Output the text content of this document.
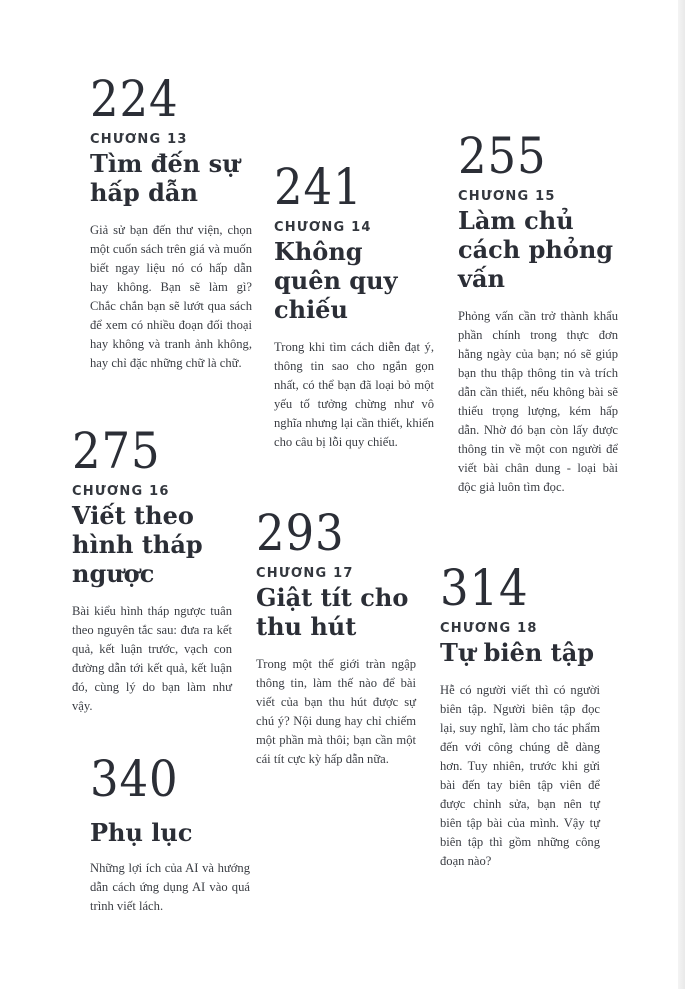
224
CHƯƠNG 13
Tìm đến sự hấp dẫn
Giả sử bạn đến thư viện, chọn một cuốn sách trên giá và muốn biết ngay liệu nó có hấp dẫn hay không. Bạn sẽ làm gì? Chắc chắn bạn sẽ lướt qua sách để xem có nhiều đoạn đối thoại hay không và tranh ảnh không, hay chỉ đặc những chữ là chữ.
241
CHƯƠNG 14
Không quên quy chiếu
Trong khi tìm cách diễn đạt ý, thông tin sao cho ngắn gọn nhất, có thể bạn đã loại bỏ một yếu tố tưởng chừng như vô nghĩa nhưng lại cần thiết, khiến cho câu bị lỗi quy chiếu.
255
CHƯƠNG 15
Làm chủ cách phỏng vấn
Phỏng vấn cần trở thành khẩu phần chính trong thực đơn hằng ngày của bạn; nó sẽ giúp bạn thu thập thông tin và trích dẫn cần thiết, nếu không bài sẽ thiếu trọng lượng, kém hấp dẫn. Nhờ đó bạn còn lấy được thông tin về một con người để viết bài chân dung - loại bài độc giả luôn tìm đọc.
275
CHƯƠNG 16
Viết theo hình tháp ngược
Bài kiểu hình tháp ngược tuân theo nguyên tắc sau: đưa ra kết quả, kết luận trước, vạch con đường dẫn tới kết quả, kết luận đó, cùng lý do bạn làm như vậy.
293
CHƯƠNG 17
Giật tít cho thu hút
Trong một thế giới tràn ngập thông tin, làm thế nào để bài viết của bạn thu hút được sự chú ý? Nội dung hay chỉ chiếm một phần mà thôi; bạn cần một cái tít cực kỳ hấp dẫn nữa.
314
CHƯƠNG 18
Tự biên tập
Hễ có người viết thì có người biên tập. Người biên tập đọc lại, suy nghĩ, làm cho tác phẩm đến với công chúng dễ dàng hơn. Tuy nhiên, trước khi gửi bài đến tay biên tập viên để được chỉnh sửa, bạn nên tự biên tập bài của mình. Vậy tự biên tập thì gồm những công đoạn nào?
340
Phụ lục
Những lợi ích của AI và hướng dẫn cách ứng dụng AI vào quá trình viết lách.
